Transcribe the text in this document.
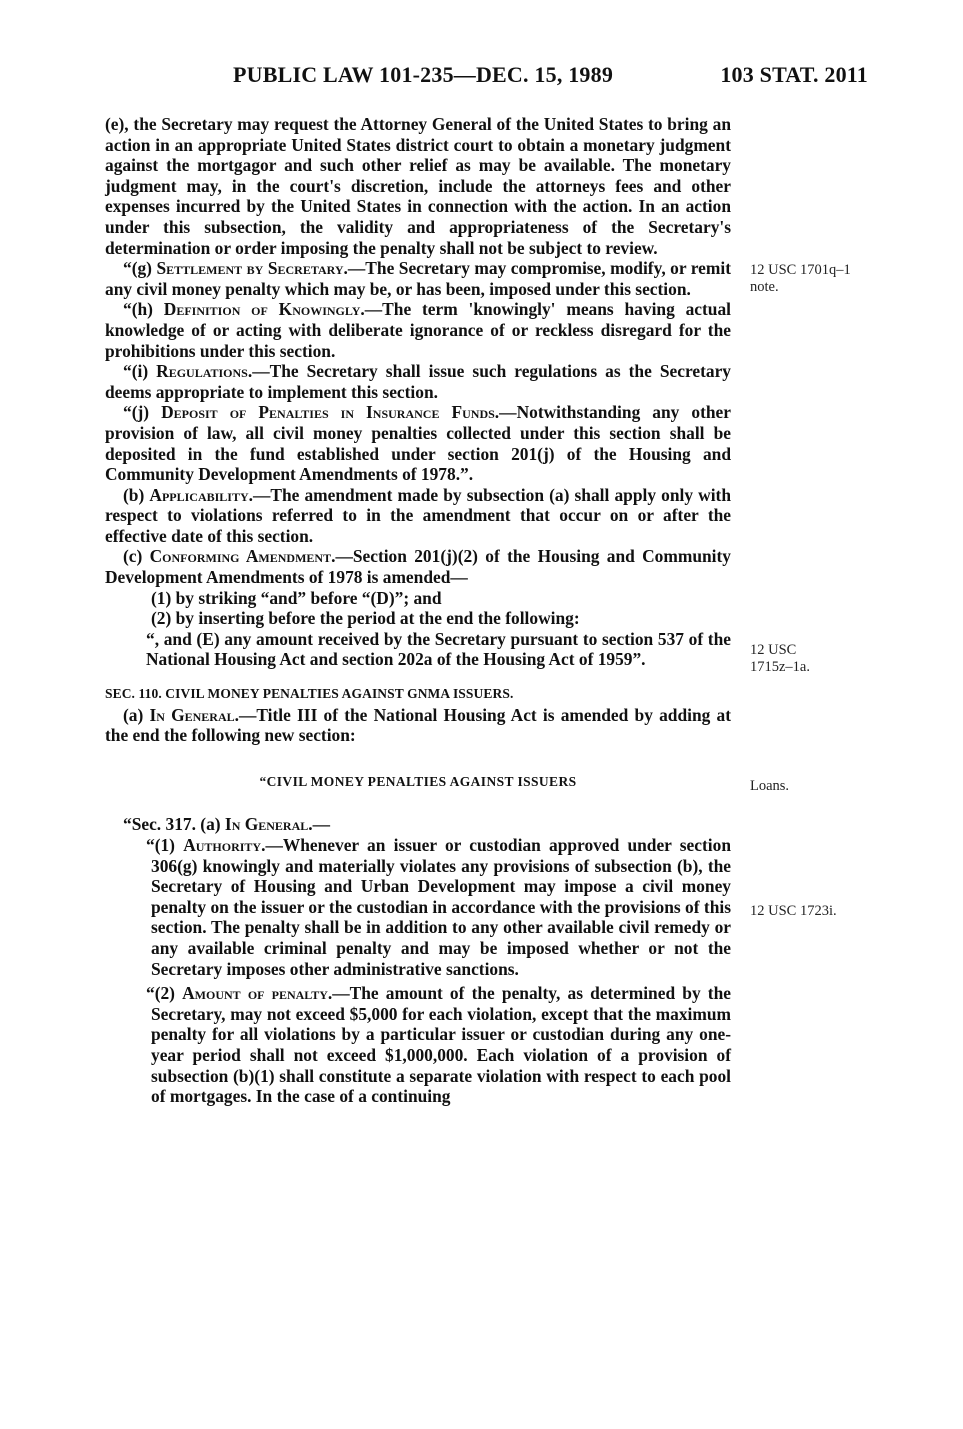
PUBLIC LAW 101-235—DEC. 15, 1989	103 STAT. 2011
12 USC 1701q–1 note.
12 USC 1715z–1a.
Loans.
12 USC 1723i.

(e), the Secretary may request the Attorney General of the United States to bring an action in an appropriate United States district court to obtain a monetary judgment against the mortgagor and such other relief as may be available. The monetary judgment may, in the court's discretion, include the attorneys fees and other expenses incurred by the United States in connection with the action. In an action under this subsection, the validity and appropriateness of the Secretary's determination or order imposing the penalty shall not be subject to review.

“(g) Settlement by Secretary.—The Secretary may compromise, modify, or remit any civil money penalty which may be, or has been, imposed under this section.

“(h) Definition of Knowingly.—The term 'knowingly' means having actual knowledge of or acting with deliberate ignorance of or reckless disregard for the prohibitions under this section.

“(i) Regulations.—The Secretary shall issue such regulations as the Secretary deems appropriate to implement this section.

“(j) Deposit of Penalties in Insurance Funds.—Notwithstanding any other provision of law, all civil money penalties collected under this section shall be deposited in the fund established under section 201(j) of the Housing and Community Development Amendments of 1978.”.

(b) Applicability.—The amendment made by subsection (a) shall apply only with respect to violations referred to in the amendment that occur on or after the effective date of this section.

(c) Conforming Amendment.—Section 201(j)(2) of the Housing and Community Development Amendments of 1978 is amended—

(1) by striking “and” before “(D)”; and

(2) by inserting before the period at the end the following:

“, and (E) any amount received by the Secretary pursuant to section 537 of the National Housing Act and section 202a of the Housing Act of 1959”.

SEC. 110. CIVIL MONEY PENALTIES AGAINST GNMA ISSUERS.

(a) In General.—Title III of the National Housing Act is amended by adding at the end the following new section:

“CIVIL MONEY PENALTIES AGAINST ISSUERS

“Sec. 317. (a) In General.—

“(1) Authority.—Whenever an issuer or custodian approved under section 306(g) knowingly and materially violates any provisions of subsection (b), the Secretary of Housing and Urban Development may impose a civil money penalty on the issuer or the custodian in accordance with the provisions of this section. The penalty shall be in addition to any other available civil remedy or any available criminal penalty and may be imposed whether or not the Secretary imposes other administrative sanctions.

“(2) Amount of penalty.—The amount of the penalty, as determined by the Secretary, may not exceed $5,000 for each violation, except that the maximum penalty for all violations by a particular issuer or custodian during any one-year period shall not exceed $1,000,000. Each violation of a provision of subsection (b)(1) shall constitute a separate violation with respect to each pool of mortgages. In the case of a continuing
